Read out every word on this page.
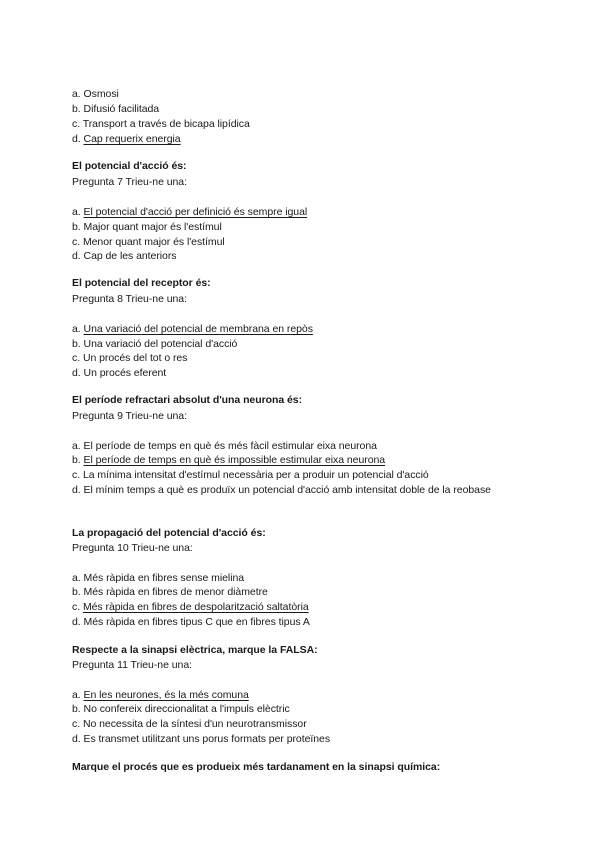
a. Osmosi
b. Difusió facilitada
c. Transport a través de bicapa lipídica
d. Cap requerix energia
El potencial d'acció és:
Pregunta 7 Trieu-ne una:
a. El potencial d'acció per definició és sempre igual
b. Major quant major és l'estímul
c. Menor quant major és l'estímul
d. Cap de les anteriors
El potencial del receptor és:
Pregunta 8 Trieu-ne una:
a. Una variació del potencial de membrana en repòs
b. Una variació del potencial d'acció
c. Un procés del tot o res
d. Un procés eferent
El període refractari absolut d'una neurona és:
Pregunta 9 Trieu-ne una:
a. El període de temps en què és més fàcil estimular eixa neurona
b. El període de temps en què és impossible estimular eixa neurona
c. La mínima intensitat d'estímul necessària per a produir un potencial d'acció
d. El mínim temps a què es produïx un potencial d'acció amb intensitat doble de la reobase
La propagació del potencial d'acció és:
Pregunta 10 Trieu-ne una:
a. Més ràpida en fibres sense mielina
b. Més ràpida en fibres de menor diàmetre
c. Més ràpida en fibres de despolarització saltatòria
d. Més ràpida en fibres tipus C que en fibres tipus A
Respecte a la sinapsi elèctrica, marque la FALSA:
Pregunta 11 Trieu-ne una:
a. En les neurones, és la més comuna
b. No confereix direccionalitat a l'impuls elèctric
c. No necessita de la síntesi d'un neurotransmissor
d. Es transmet utilitzant uns porus formats per proteïnes
Marque el procés que es produeix més tardanament en la sinapsi química:
